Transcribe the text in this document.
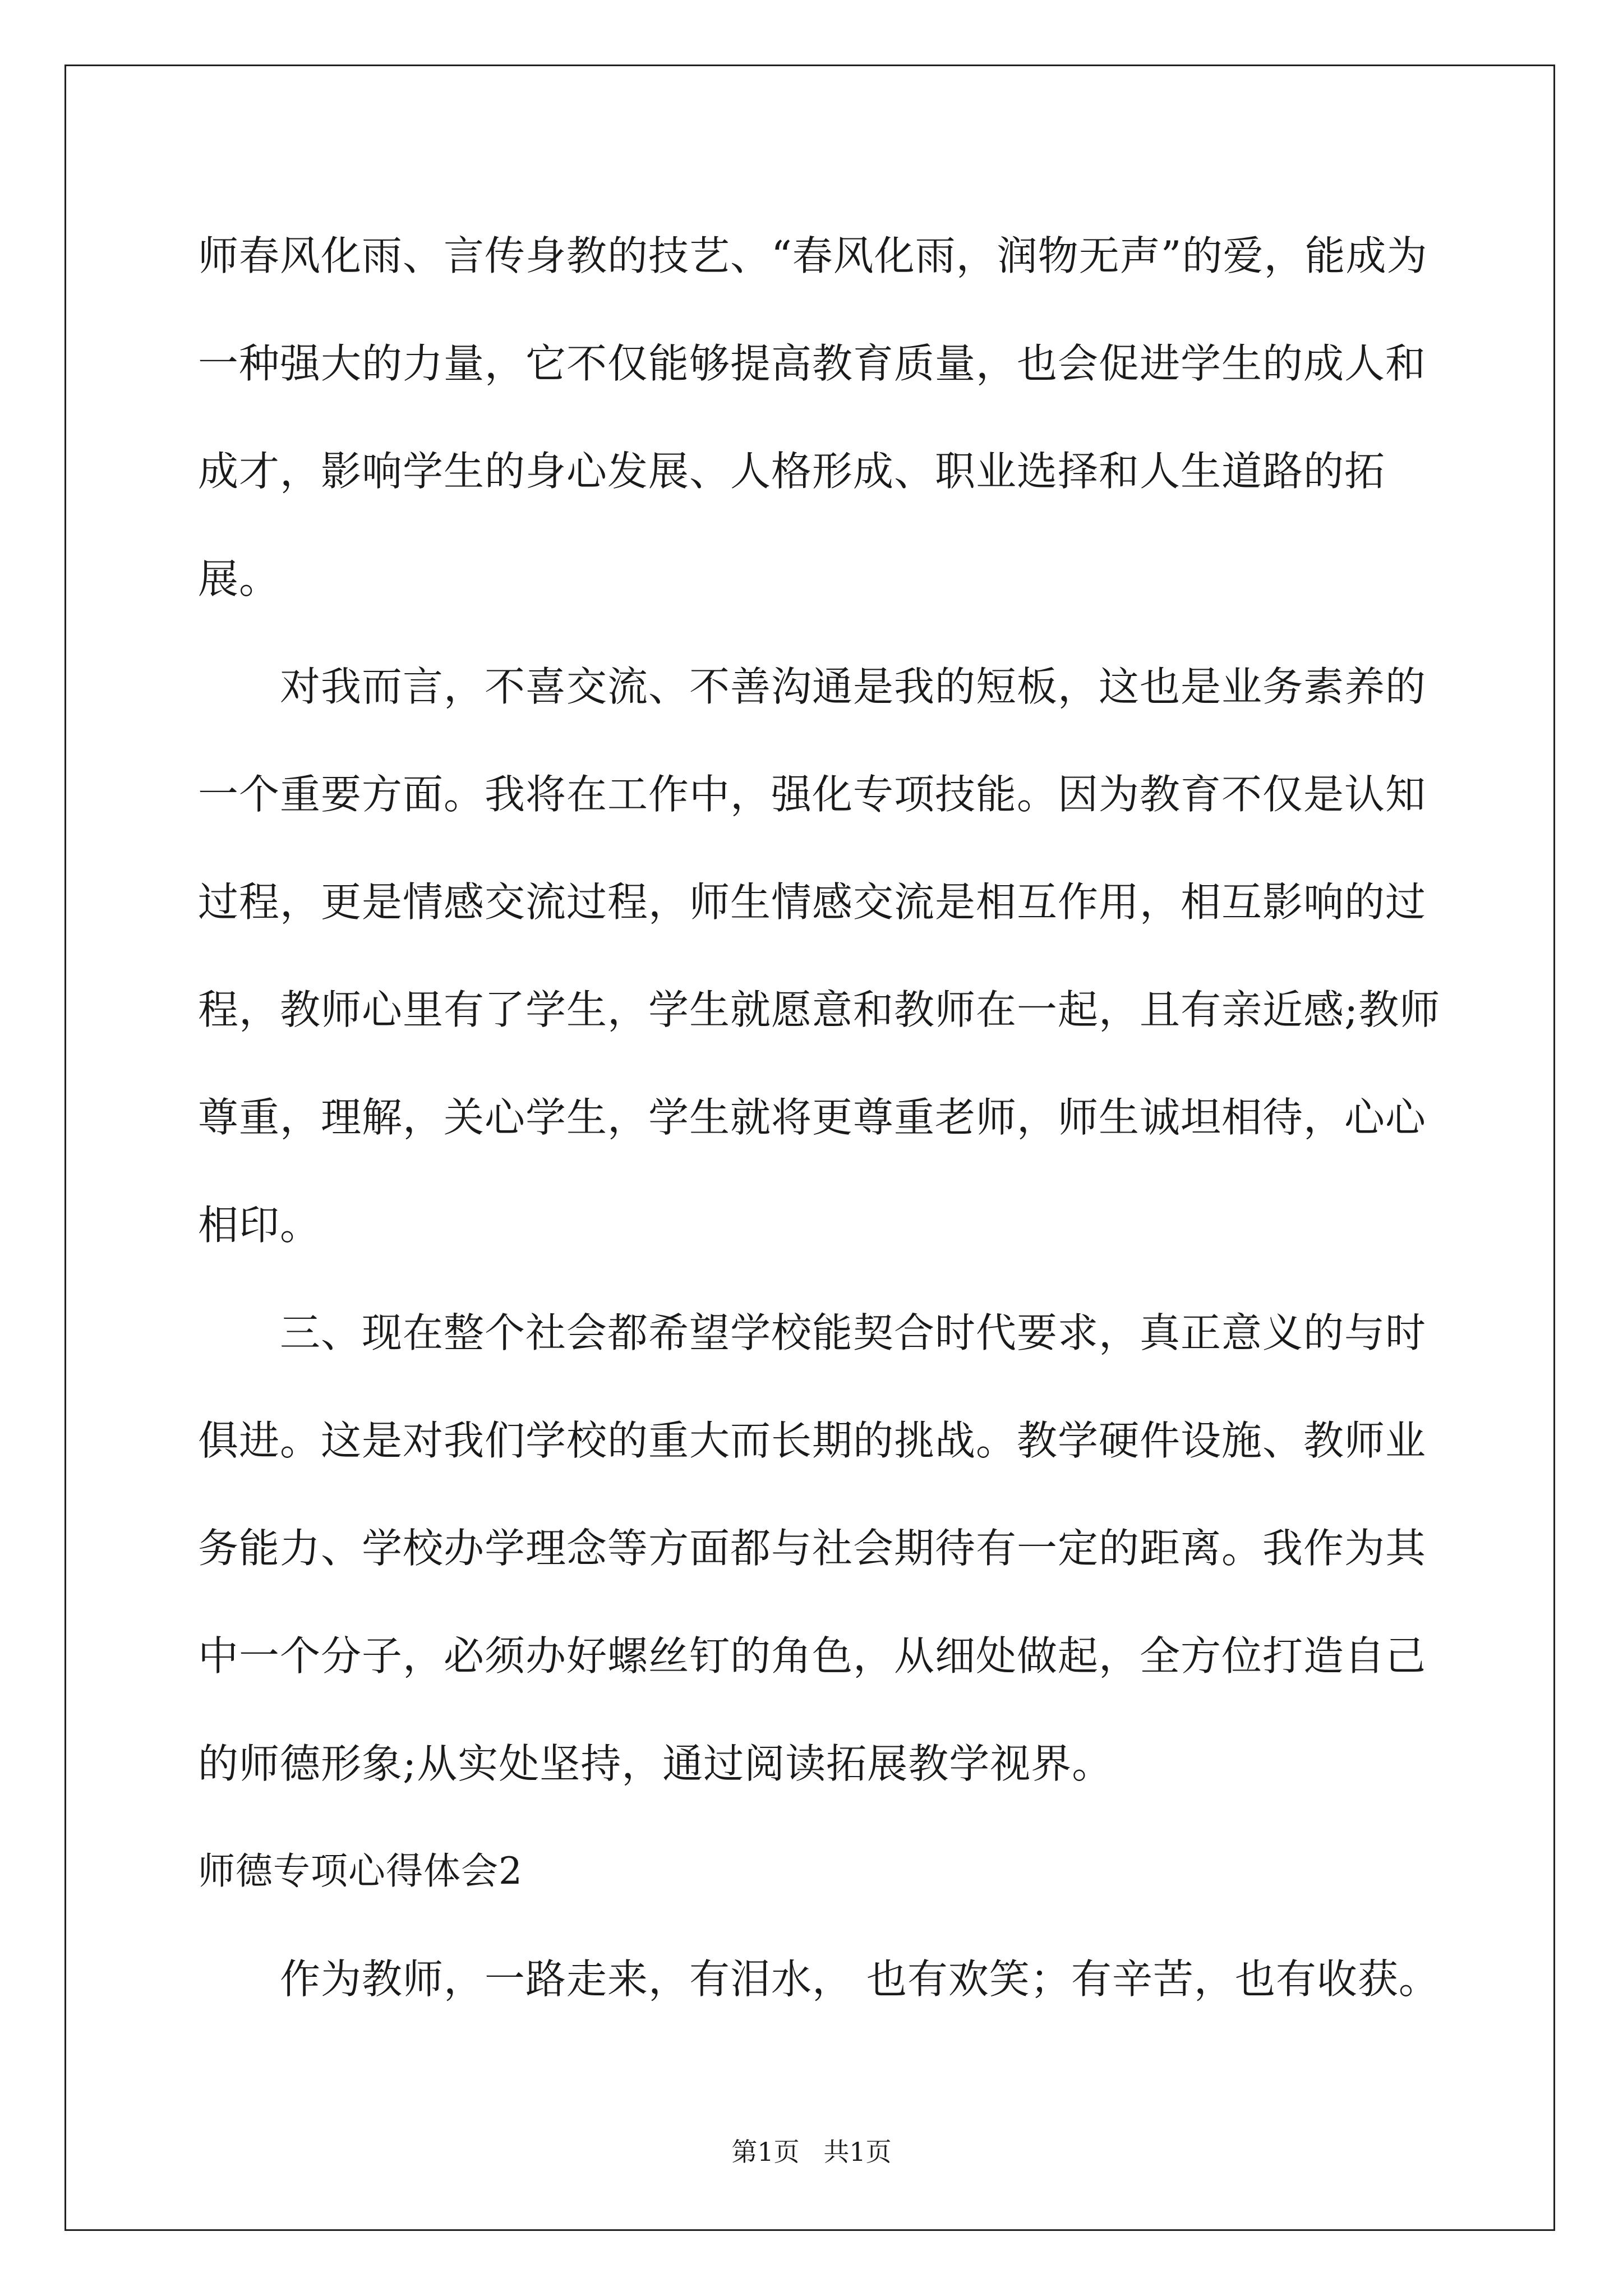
师春风化雨、言传身教的技艺、“春风化雨，润物无声”的爱，能成为一种强大的力量，它不仅能够提高教育质量，也会促进学生的成人和成才，影响学生的身心发展、人格形成、职业选择和人生道路的拓展。

对我而言，不喜交流、不善沟通是我的短板，这也是业务素养的一个重要方面。我将在工作中，强化专项技能。因为教育不仅是认知过程，更是情感交流过程，师生情感交流是相互作用，相互影响的过程，教师心里有了学生，学生就愿意和教师在一起，且有亲近感;教师尊重，理解，关心学生，学生就将更尊重老师，师生诚坦相待，心心相印。

三、现在整个社会都希望学校能契合时代要求，真正意义的与时俱进。这是对我们学校的重大而长期的挑战。教学硬件设施、教师业务能力、学校办学理念等方面都与社会期待有一定的距离。我作为其中一个分子，必须办好螺丝钉的角色，从细处做起，全方位打造自己的师德形象;从实处坚持，通过阅读拓展教学视界。

师德专项心得体会2

作为教师，一路走来，有泪水， 也有欢笑；有辛苦，也有收获。

第1页 共1页
